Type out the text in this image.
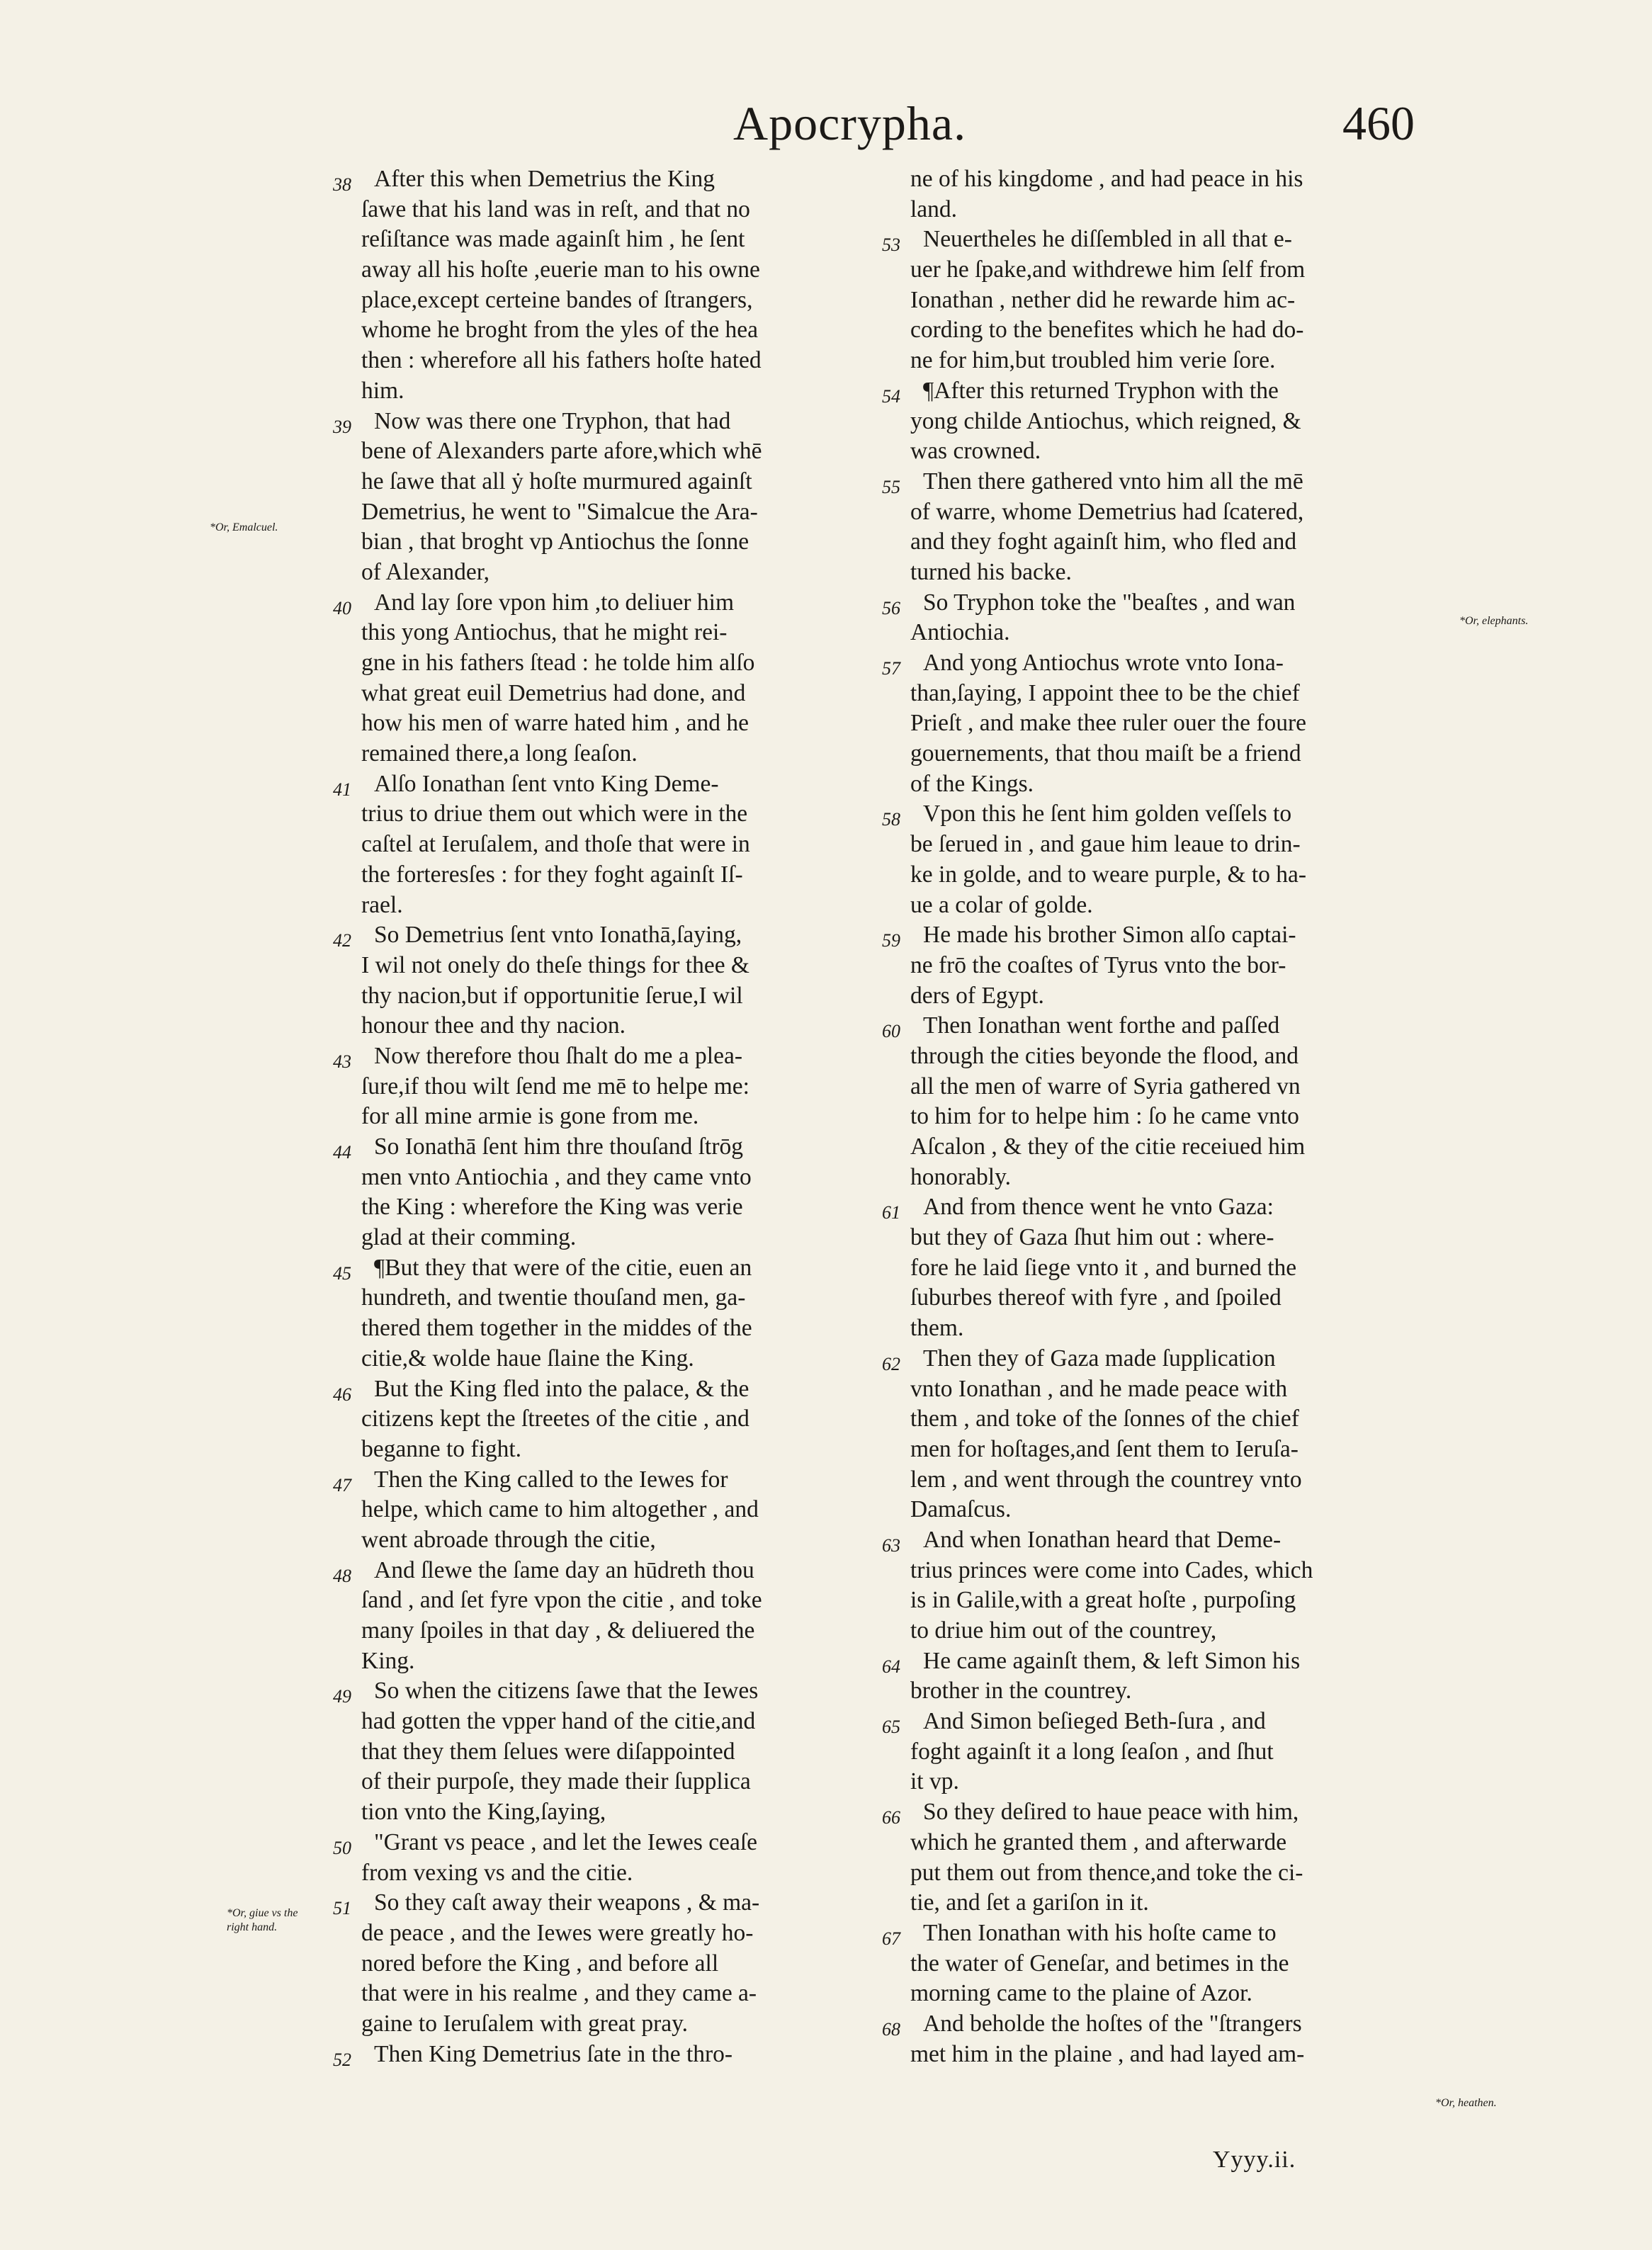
Apocrypha.	460
38 After this when Demetrius the King
ſawe that his land was in reſt, and that no
reſiſtance was made againſt him , he ſent
away all his hoſte ,euerie man to his owne
place,except certeine bandes of ſtrangers,
whome he broght from the yles of the hea
then : wherefore all his fathers hoſte hated
him.
39 Now was there one Tryphon, that had
bene of Alexanders parte afore,which whē
he ſawe that all ẏ hoſte murmured againſt
Demetrius, he went to "Simalcue the Ara-
bian , that broght vp Antiochus the ſonne
of Alexander,
40 And lay ſore vpon him ,to deliuer him
this yong Antiochus, that he might rei-
gne in his fathers ſtead : he tolde him alſo
what great euil Demetrius had done, and
how his men of warre hated him , and he
remained there,a long ſeaſon.
41 Alſo Ionathan ſent vnto King Deme-
trius to driue them out which were in the
caſtel at Ieruſalem, and thoſe that were in
the forteresſes : for they foght againſt Iſ-
rael.
42 So Demetrius ſent vnto Ionathā,ſaying,
I wil not onely do theſe things for thee &
thy nacion,but if opportunitie ſerue,I wil
honour thee and thy nacion.
43 Now therefore thou ſhalt do me a plea-
ſure,if thou wilt ſend me mē to helpe me:
for all mine armie is gone from me.
44 So Ionathā ſent him thre thouſand ſtrōg
men vnto Antiochia , and they came vnto
the King : wherefore the King was verie
glad at their comming.
45 ¶But they that were of the citie, euen an
hundreth, and twentie thouſand men, ga-
thered them together in the middes of the
citie,& wolde haue ſlaine the King.
46 But the King fled into the palace, & the
citizens kept the ſtreetes of the citie , and
beganne to fight.
47 Then the King called to the Iewes for
helpe, which came to him altogether , and
went abroade through the citie,
48 And ſlewe the ſame day an hūdreth thou
ſand , and ſet fyre vpon the citie , and toke
many ſpoiles in that day , & deliuered the
King.
49 So when the citizens ſawe that the Iewes
had gotten the vpper hand of the citie,and
that they them ſelues were diſappointed
of their purpoſe, they made their ſupplica
tion vnto the King,ſaying,
50 "Grant vs peace , and let the Iewes ceaſe
from vexing vs and the citie.
51 So they caſt away their weapons , & ma-
de peace , and the Iewes were greatly ho-
nored before the King , and before all
that were in his realme , and they came a-
gaine to Ieruſalem with great pray.
52 Then King Demetrius ſate in the thro-
ne of his kingdome , and had peace in his
land.
53 Neuertheles he diſſembled in all that e-
uer he ſpake,and withdrewe him ſelf from
Ionathan , nether did he rewarde him ac-
cording to the benefites which he had do-
ne for him,but troubled him verie ſore.
54 ¶After this returned Tryphon with the
yong childe Antiochus, which reigned, &
was crowned.
55 Then there gathered vnto him all the mē
of warre, whome Demetrius had ſcatered,
and they foght againſt him, who fled and
turned his backe.
56 So Tryphon toke the "beaſtes , and wan
Antiochia.
57 And yong Antiochus wrote vnto Iona-
than,ſaying, I appoint thee to be the chief
Prieſt , and make thee ruler ouer the foure
gouernements, that thou maiſt be a friend
of the Kings.
58 Vpon this he ſent him golden veſſels to
be ſerued in , and gaue him leaue to drin-
ke in golde, and to weare purple, & to ha-
ue a colar of golde.
59 He made his brother Simon alſo captai-
ne frō the coaſtes of Tyrus vnto the bor-
ders of Egypt.
60 Then Ionathan went forthe and paſſed
through the cities beyonde the flood, and
all the men of warre of Syria gathered vn
to him for to helpe him : ſo he came vnto
Aſcalon , & they of the citie receiued him
honorably.
61 And from thence went he vnto Gaza:
but they of Gaza ſhut him out : where-
fore he laid ſiege vnto it , and burned the
ſuburbes thereof with fyre , and ſpoiled
them.
62 Then they of Gaza made ſupplication
vnto Ionathan , and he made peace with
them , and toke of the ſonnes of the chief
men for hoſtages,and ſent them to Ieruſa-
lem , and went through the countrey vnto
Damaſcus.
63 And when Ionathan heard that Deme-
trius princes were come into Cades, which
is in Galile,with a great hoſte , purpoſing
to driue him out of the countrey,
64 He came againſt them, & left Simon his
brother in the countrey.
65 And Simon beſieged Beth-ſura , and
foght againſt it a long ſeaſon , and ſhut
it vp.
66 So they deſired to haue peace with him,
which he granted them , and afterwarde
put them out from thence,and toke the ci-
tie, and ſet a gariſon in it.
67 Then Ionathan with his hoſte came to
the water of Geneſar, and betimes in the
morning came to the plaine of Azor.
68 And beholde the hoſtes of the "ſtrangers
met him in the plaine , and had layed am-
*Or, Emalcuel.
*Or, elephants.
*Or, giue vs the
right hand.
*Or, heathen.
Yyyy.ii.
